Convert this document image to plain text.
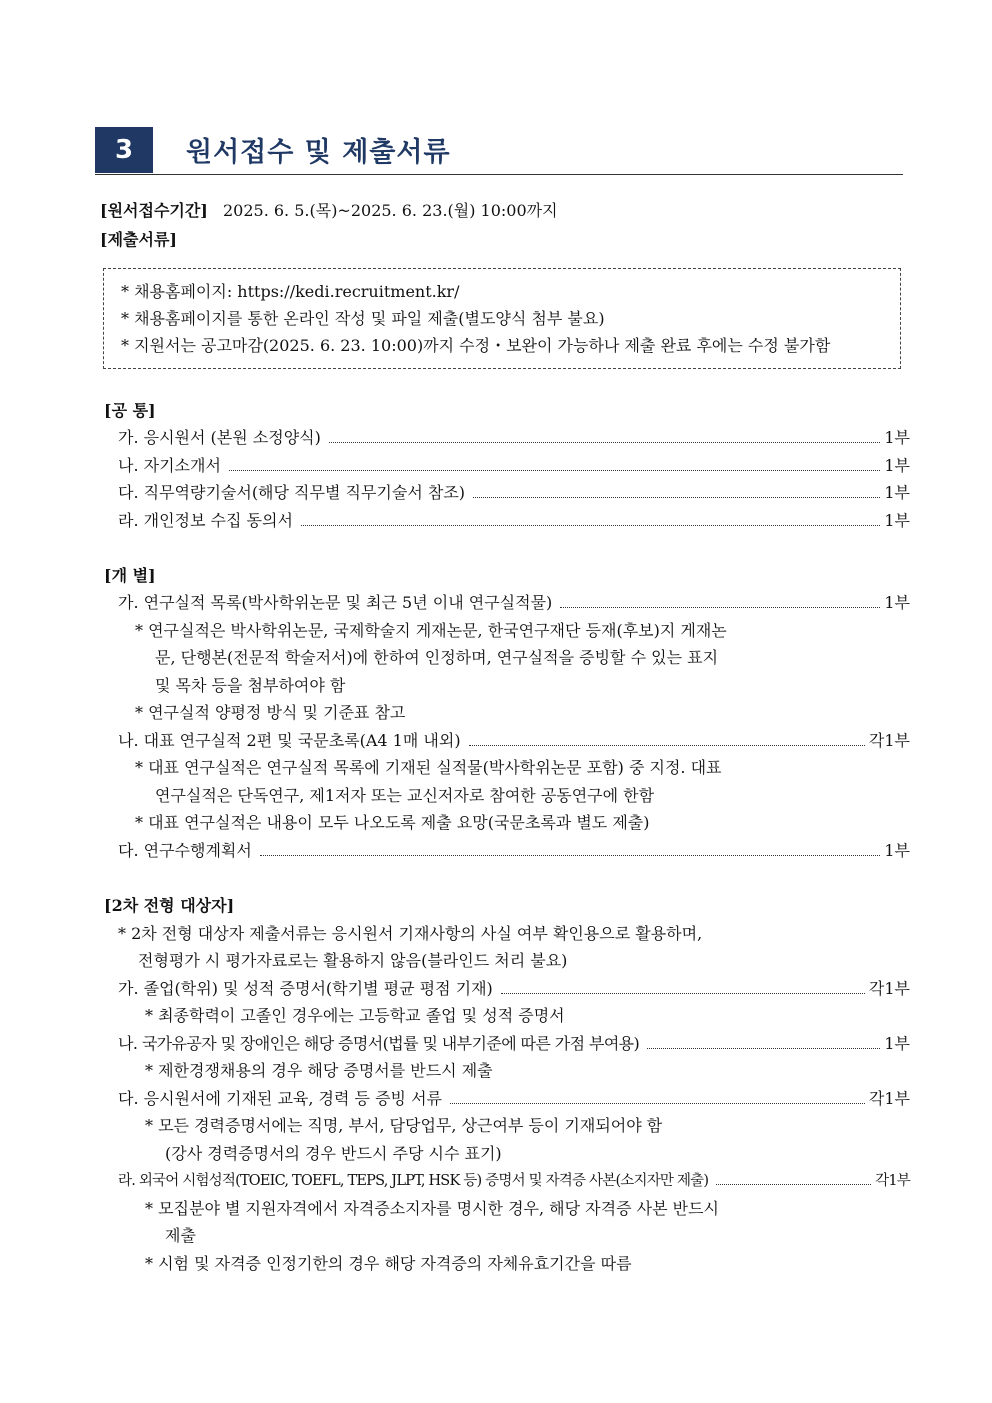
3	원서접수 및 제출서류
[원서접수기간] 2025. 6. 5.(목)~2025. 6. 23.(월) 10:00까지
[제출서류]
* 채용홈페이지: https://kedi.recruitment.kr/
* 채용홈페이지를 통한 온라인 작성 및 파일 제출(별도양식 첨부 불요)
* 지원서는 공고마감(2025. 6. 23. 10:00)까지 수정・보완이 가능하나 제출 완료 후에는 수정 불가함
[공 통]
가. 응시원서 (본원 소정양식)	1부
나. 자기소개서	1부
다. 직무역량기술서(해당 직무별 직무기술서 참조)	1부
라. 개인정보 수집 동의서	1부
[개 별]
가. 연구실적 목록(박사학위논문 및 최근 5년 이내 연구실적물)	1부
* 연구실적은 박사학위논문, 국제학술지 게재논문, 한국연구재단 등재(후보)지 게재논
문, 단행본(전문적 학술저서)에 한하여 인정하며, 연구실적을 증빙할 수 있는 표지
및 목차 등을 첨부하여야 함
* 연구실적 양평정 방식 및 기준표 참고
나. 대표 연구실적 2편 및 국문초록(A4 1매 내외)	각1부
* 대표 연구실적은 연구실적 목록에 기재된 실적물(박사학위논문 포함) 중 지정. 대표
연구실적은 단독연구, 제1저자 또는 교신저자로 참여한 공동연구에 한함
* 대표 연구실적은 내용이 모두 나오도록 제출 요망(국문초록과 별도 제출)
다. 연구수행계획서	1부
[2차 전형 대상자]
* 2차 전형 대상자 제출서류는 응시원서 기재사항의 사실 여부 확인용으로 활용하며,
전형평가 시 평가자료로는 활용하지 않음(블라인드 처리 불요)
가. 졸업(학위) 및 성적 증명서(학기별 평균 평점 기재)	각1부
* 최종학력이 고졸인 경우에는 고등학교 졸업 및 성적 증명서
나. 국가유공자 및 장애인은 해당 증명서(법률 및 내부기준에 따른 가점 부여용)	1부
* 제한경쟁채용의 경우 해당 증명서를 반드시 제출
다. 응시원서에 기재된 교육, 경력 등 증빙 서류	각1부
* 모든 경력증명서에는 직명, 부서, 담당업무, 상근여부 등이 기재되어야 함
(강사 경력증명서의 경우 반드시 주당 시수 표기)
라. 외국어 시험성적(TOEIC, TOEFL, TEPS, JLPT, HSK 등) 증명서 및 자격증 사본(소지자만 제출)	각1부
* 모집분야 별 지원자격에서 자격증소지자를 명시한 경우, 해당 자격증 사본 반드시
제출
* 시험 및 자격증 인정기한의 경우 해당 자격증의 자체유효기간을 따름
